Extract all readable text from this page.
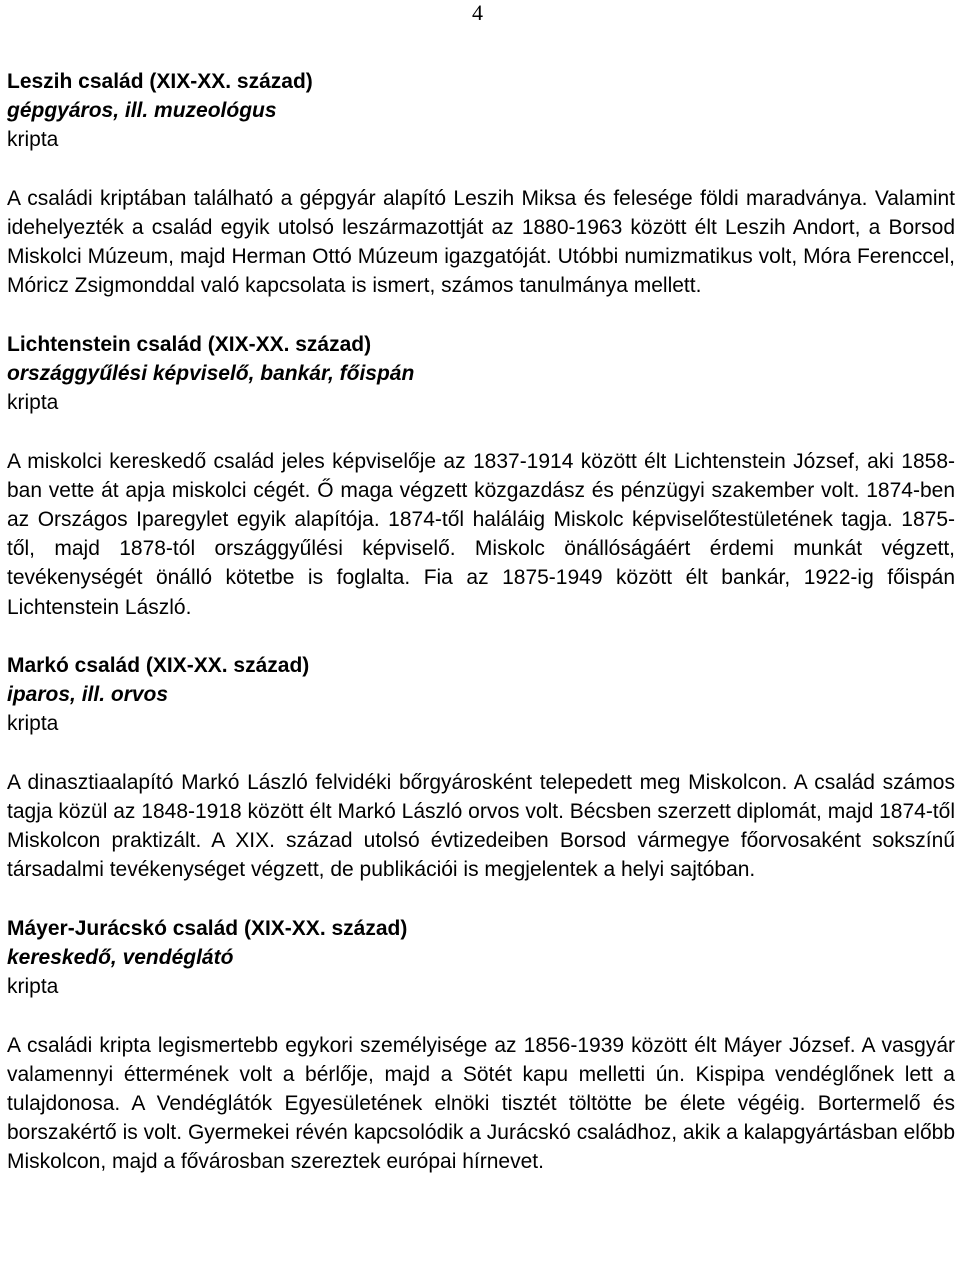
4

Leszih család (XIX-XX. század)

gépgyáros, ill. muzeológus

kripta

A családi kriptában található a gépgyár alapító Leszih Miksa és felesége földi maradványa. Valamint idehelyezték a család egyik utolsó leszármazottját az 1880-1963 között élt Leszih Andort, a Borsod Miskolci Múzeum, majd Herman Ottó Múzeum igazgatóját. Utóbbi numizmatikus volt, Móra Ferenccel, Móricz Zsigmonddal való kapcsolata is ismert, számos tanulmánya mellett.

Lichtenstein család (XIX-XX. század)

országgyűlési képviselő, bankár, főispán

kripta

A miskolci kereskedő család jeles képviselője az 1837-1914 között élt Lichtenstein József, aki 1858-ban vette át apja miskolci cégét. Ő maga végzett közgazdász és pénzügyi szakember volt. 1874-ben az Országos Iparegylet egyik alapítója. 1874-től haláláig Miskolc képviselőtestületének tagja. 1875-től, majd 1878-tól országgyűlési képviselő. Miskolc önállóságáért érdemi munkát végzett, tevékenységét önálló kötetbe is foglalta. Fia az 1875-1949 között élt bankár, 1922-ig főispán Lichtenstein László.

Markó család (XIX-XX. század)

iparos, ill. orvos

kripta

A dinasztiaalapító Markó László felvidéki bőrgyárosként telepedett meg Miskolcon. A család számos tagja közül az 1848-1918 között élt Markó László orvos volt. Bécsben szerzett diplomát, majd 1874-től Miskolcon praktizált. A XIX. század utolsó évtizedeiben Borsod vármegye főorvosaként sokszínű társadalmi tevékenységet végzett, de publikációi is megjelentek a helyi sajtóban.

Máyer-Jurácskó család (XIX-XX. század)

kereskedő, vendéglátó

kripta

A családi kripta legismertebb egykori személyisége az 1856-1939 között élt Máyer József. A vasgyár valamennyi éttermének volt a bérlője, majd a Sötét kapu melletti ún. Kispipa vendéglőnek lett a tulajdonosa. A Vendéglátók Egyesületének elnöki tisztét töltötte be élete végéig. Bortermelő és borszakértő is volt. Gyermekei révén kapcsolódik a Jurácskó családhoz, akik a kalapgyártásban előbb Miskolcon, majd a fővárosban szereztek európai hírnevet.
